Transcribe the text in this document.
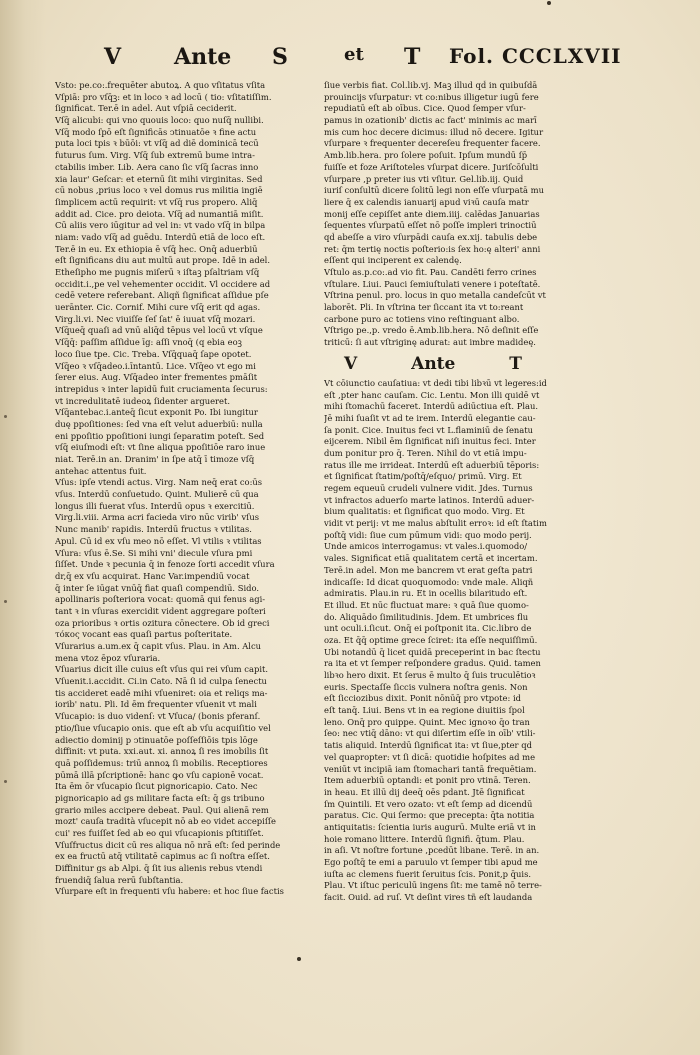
V Ante S	et T Fol. CCCLXVII
Vsto: pe.co:.frequēter abutoꝝ. A quo vſitatus vſita
Vſpiā: pro vſq̄ꝫ: et in loco ꝛ ad locū ( tio: vſitatiſſim.
ſignificat. Ter.ē in adel. Aut vſpiā ceciderit.
Vſq̄ alicubi: qui vno quouis loco: quo nuſq̄ nullibi.
Vſq̄ modo ſpō eſt ſignificās ↄtinuatōe ꝛ fine actu
puta loci tpis ꝛ būōi: vt vſq̄ ad diē dominicā tecū
futurus ſum. Virg. Vſq̄ ſub extremū bume intra-
ctabilis imber. Lib. Aera cano ſic vſq̄ ſacras inno
xia laur' Geſcar: et eternū ſit mihi virginitas. Sed
cū nobus ,prius loco ꝛ vel domus rus militia ingiē
ſimplicem actū requirit: vt vſq̄ rus propero. Aliq̄
addit ad. Cice. pro deiota. Vſq̄ ad numantiā miſit.
Cū aliis vero iūgitur ad vel in: vt vado vſq̄ in bilpa
niam: vado vſq̄ ad guēdu. Interdū etiā de loco eſt.
Ter.ē in eu. Ex ethiopia ē vſq̄ hec. Onq̄ aduerbiū
eſt ſignificans diu aut multū aut prope. Idē in adel.
Etheſipho me pugnis miſerū ꝛ iſtaꝫ pſaltriam vſq̄
occidit.i.,pe vel vehementer occidit. Vl occidere ad
cedē vetere referebant. Aliqñ ſignificat aſſidue pſe
uerānter. Cic. Cornif. Mihi cure vſq̄ erit qd agas.
Virg.li.vi. Nec viuiſſe ſeſ ſat' ē iuuat vſq̄ mozari.
Vſq̄ueq̄ quaſi ad vnū aliq̄d tēpus vel locū vt vſque
Vſq̄q̄: paſſim aſſidue īg: aſſi vnoq̄ (q ebia eoꝫ
loco ſiue tpe. Cic. Treba. Vſq̄quaq̄ ſape opotet.
Vſq̄eo ꝛ vſq̄adeo.i.īntantū. Lice. Vſq̄eo vt ego mi
ſerer eius. Aug. Vſq̄adeo inter frementes pmāſit
intrepidus ꝛ inter lapidū fuit cruciamenta ſecurus:
vt incredulitatē iudeoꝝ ſidenter argueret.
Vſq̄antebac.i.anteq̄ ſicut exponit Po. Ibi iungitur
duę ppoſitiones: ſed vna eſt velut aduerbiū: nulla
eni ppoſitio ppoſitioni iungi ſeparatim poteſt. Sed
vſq̄ eiuſmodi eſt: vt ſine aliqua ppoſitiōe raro inue
niat. Terē.in an. Dranim' in ſpe atq̄ ī timoze vſq̄
antehac attentus fuit.
Vſus: ipſe vtendi actus. Virg. Nam neq̄ erat co:ūs
vſus. Interdū conſuetudo. Quint. Mulierē cū qua
longus illi fuerat vſus. Interdū opus ꝛ exercitiū.
Virg.li.viii. Arma acri facieda viro nūc virib' vſus
Nunc manib' rapidis. Interdū fructus ꝛ vtilitas.
Apul. Cū id ex vſu meo nō eſſet. Vl vtilis ꝛ vtilitas
Vſura: vſus ē.Se. Si mihi vni' diecule vſura pmi
ſiſſet. Unde ꝛ pecunia q̄ in fenoze ſorti accedit vſura
dr,q̄ ex vſu acquirat. Hanc Var.impendiū vocat
q̄ inter ſe iūgat vnūq̄ fiat quaſi compendiū. Sido.
apollinaris poſteriora vocat: quomā qui fenus agi-
tant ꝛ in vſuras exercidit vident aggregare poſteri
oza prioribus ꝛ ortis ozitura cōnectere. Ob id greci
τόκος vocant eas quaſi partus poſteritate.
Vſurarius a.um.ex q̄ capit vſus. Plau. in Am. Alcu
mena vtoz ēpoz vſuraria.
Vſuarius dicit ille cuius eſt vſus qui rei vſum capit.
Vſuenit.i.accidit. Ci.in Cato. Nā ſi id culpa ſenectu
tis accideret eadē mihi vſueniret: oia et reliqs ma-
iorib' natu. Pli. Id ēm frequenter vſuenit vt mali
Vſucapio: is duo videnſ: vt Vſuca/ (bonis pferanſ.
ptio/ſiue vſucapio onis. que eſt ab vſu acquiſitio vel
adiectio dominij p ↄtinuatōe poſſeſſiōis tpis lōge
diffinit: vt puta. xxi.aut. xi. annoꝝ ſi res imobilis ſit
quā poſſidemus: triū annoꝝ ſi mobilis. Receptiores
pūmā illā pſcriptionē: hanc ꝙo vſu capionē vocat.
Ita ēm ōr vſucapio ſicut pignoricapio. Cato. Nec
pignoricapio ad gs militare facta eſt: q̄ gs tribuno
grario miles accipere debeat. Paul. Qui alienā rem
mozt' cauſa tradità vſucepit nō ab eo videt accepiſſe
cui' res fuiſſet ſed ab eo qui vſucapionis pſtitiſſet.
Vſuſfructus dicit cū res aliqua nō nrā eſt: ſed perinde
ex ea fructū atq̄ vtilitatē capimus ac ſi noſtra eſſet.
Diffinitur gs ab Alpi. q̄ ſit ius alienis rebus vtendi
fruendiq̄ ſalua rerū ſubſtantia.
Vſurpare eſt in frequenti vſu habere: et hoc ſiue factis
ſiue verbis fiat. Col.lib.vj. Maꝫ illud qd̄ in quibuſdā
prouincijs vſurpatur: vt co:nibus illigetur iugū fere
repudiatū eſt ab oībus. Cice. Quod ſemper vſur-
pamus in ozationib' dictis ac fact' minimis ac marī
mis cum hoc decere dicimus: illud nō decere. Igitur
vſurpare ꝛ frequenter decereſeu frequenter facere.
Amb.lib.hera. pro ſolere poſuit. Ipſum mundū ſp̄
fuiſſe et foze Ariſtoteles vſurpat dicere. Juriſcōſulti
vſurpare ,p preter ius vti vſitur. Gel.lib.iij. Quid̄
iuriſ conſultū dicere ſolitū legi non eſſe vſurpatā mu
liere q̄ ex calendis ianuarij apud viꝛū cauſa matr
monij eſſe cepiſſet ante diem.iiij. calēdas Januarias
ſequentes vſurpatū eſſet nō poſſe impleri trinoctiū
qd̄ abeſſe a viro vſurpādi cauſa ex.xij. tabulis debe
ret: q̄m tertię noctis poſterio:is ſex ho:ę alteri' anni
eſſent qui inciperent ex calendę.
Vſtulo as.p.co:.ad vio fit. Pau. Candēti ferro crines
vſtulare. Liui. Pauci ſemiuſtulati venere i poteſtatē.
Vſtrina penul. pro. locus in quo metalla candeſcūt vt
laborēt. Pli. In vſtrina ter ſiccant ita vt to:reant
carbone puro ac totiens vino reſtinguant albo.
Vſtrigo pe.,p. vredo ē.Amb.lib.hera. Nō deſinit eſſe
triticū: ſi aut vſtriginę adurat: aut imbre madideę.
V	Ante	T
Vt cōiunctio cauſatiua: vt dedi tibi libꝛū vt legeres:id
eſt ,pter hanc cauſam. Cic. Lentu. Mon illi quidē vt
mihi ſtomachū faceret. Interdū adiūctiua eſt. Plau.
Jē mihi ſuaſit vt ad te irem. Interdū elegantie cau-
ſa ponit. Cice. Inuitus feci vt L.flaminiū de ſenatu
eijcerem. Nibil ēm ſignificat niſi inuitus feci. Inter
dum ponitur pro q̄. Teren. Nihil do vt etiā impu-
ratus ille me irrideat. Interdū eſt aduerbiū tēporis:
et ſignificat ſtatim/poſtq̄/eſquo/ primū. Virg. Et
regem equeuū crudeli vulnere vidit. Jdes. Turnus
vt infractos aduerſo marte latinos. Interdū aduer-
bium qualitatis: et ſignificat quo modo. Virg. Et
vidit vt perij: vt me malus abſtulit erroꝛ: id eſt ſtatim
poſtq̄ vidi: ſiue cum pūmum vidi: quo modo perij.
Unde amicos interrogamus: vt vales.i.quomodo/
vales. Significat etiā qualitatem certā et incertam.
Terē.in adel. Mon me bancrem vt erat geſta patri
indicaſſe: Id dicat quoquomodo: vnde male. Aliqñ
admiratis. Plau.in ru. Et in ocellis bilaritudo eſt.
Et illud. Et nūc fluctuat mare: ꝛ quā ſiue quomo-
do. Aliquādo ſimilitudinis. Jdem. Et umbrices flu
unt oculi.i.ſicut. Onq̄ ei poſtponit ita. Cic.libro de
oza. Et q̄q̄ optime grece ſciret: ita eſſe nequiſſimū.
Ubi notandū q̄ licet quidā preceperint in bac ſtectu
ra ita et vt ſemper reſpondere gradus. Quid. tamen
libꝛo hero dixit. Et ſerus ē multo q̄ ſuis truculētioꝛ
euris. Spectaſſe ſiccis vulnera noſtra genis. Non
eſt ſicciozibus dixit. Ponit nōnūq̄ pro vtpote: id
eſt tanq̄. Liui. Bens vt in ea regione diuitiis ſpol
leno. Onq̄ pro quippe. Quint. Mec ignoꝛo q̄o tran
ſeo: nec vtiq̄ dāno: vt qui diſertim eſſe in oīb' vtili-
tatis aliquid. Interdū ſignificat ita: vt ſiue,pter qd
vel quapropter: vt ſi dicā: quotidie hoſpites ad me
veniūt vt incipiā iam ſtomachari tantā frequētiam.
Item aduerbiū optandi: et ponit pro vtinā. Teren.
in heau. Et illū dij deeq̄ oēs pdant. Jtē ſignificat
ſm Quintili. Et vero ozato: vt eſt ſemp ad dicendū
paratus. Cic. Qui ſermo: que precepta: q̄ta notitia
antiquitatis: ſcientia iuris augurū. Multe eriā vt in
hoie romano littere. Interdū ſignifi. q̄tum. Plau.
in aſi. Vt noſtre fortune ,pcedūt libane. Terē. in an.
Ego poſtq̄ te emi a paruulo vt ſemper tibi apud me
iuſta ac clemens fuerit ſeruitus ſcis. Ponit,p q̄uis.
Plau. Vt iſtuc periculū ingens ſit: me tamē nō terre-
facit. Ouid. ad ruſ. Vt deſint vires tñ eſt laudanda
